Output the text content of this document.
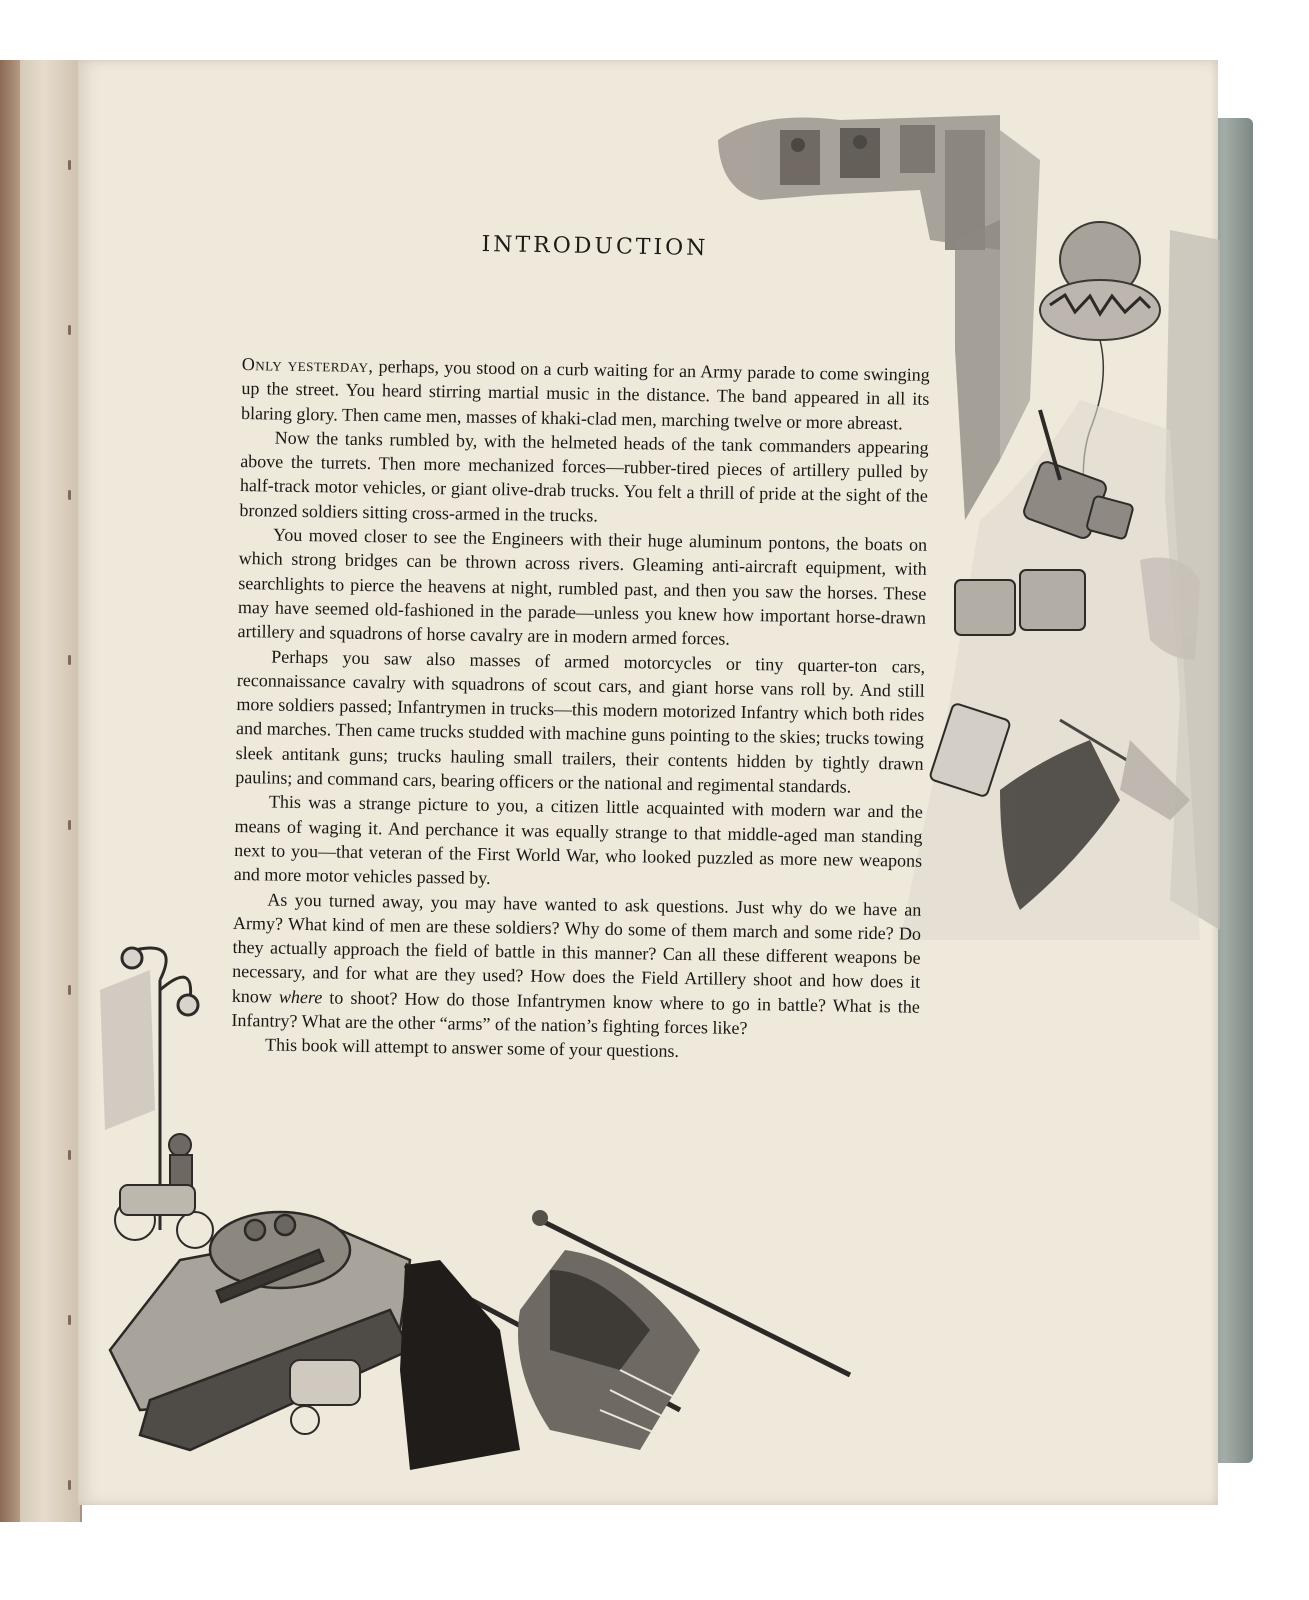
INTRODUCTION

Only yesterday, perhaps, you stood on a curb waiting for an Army parade to come swinging up the street. You heard stirring martial music in the distance. The band appeared in all its blaring glory. Then came men, masses of khaki-clad men, marching twelve or more abreast.

Now the tanks rumbled by, with the helmeted heads of the tank commanders appearing above the turrets. Then more mechanized forces—rubber-tired pieces of artillery pulled by half-track motor vehicles, or giant olive-drab trucks. You felt a thrill of pride at the sight of the bronzed soldiers sitting cross-armed in the trucks.

You moved closer to see the Engineers with their huge aluminum pontons, the boats on which strong bridges can be thrown across rivers. Gleaming anti-aircraft equipment, with searchlights to pierce the heavens at night, rumbled past, and then you saw the horses. These may have seemed old-fashioned in the parade—unless you knew how important horse-drawn artillery and squadrons of horse cavalry are in modern armed forces.

Perhaps you saw also masses of armed motorcycles or tiny quarter-ton cars, reconnaissance cavalry with squadrons of scout cars, and giant horse vans roll by. And still more soldiers passed; Infantrymen in trucks—this modern motorized Infantry which both rides and marches. Then came trucks studded with machine guns pointing to the skies; trucks towing sleek antitank guns; trucks hauling small trailers, their contents hidden by tightly drawn paulins; and command cars, bearing officers or the national and regimental standards.

This was a strange picture to you, a citizen little acquainted with modern war and the means of waging it. And perchance it was equally strange to that middle-aged man standing next to you—that veteran of the First World War, who looked puzzled as more new weapons and more motor vehicles passed by.

As you turned away, you may have wanted to ask questions. Just why do we have an Army? What kind of men are these soldiers? Why do some of them march and some ride? Do they actually approach the field of battle in this manner? Can all these different weapons be necessary, and for what are they used? How does the Field Artillery shoot and how does it know where to shoot? How do those Infantrymen know where to go in battle? What is the Infantry? What are the other “arms” of the nation’s fighting forces like?

This book will attempt to answer some of your questions.
